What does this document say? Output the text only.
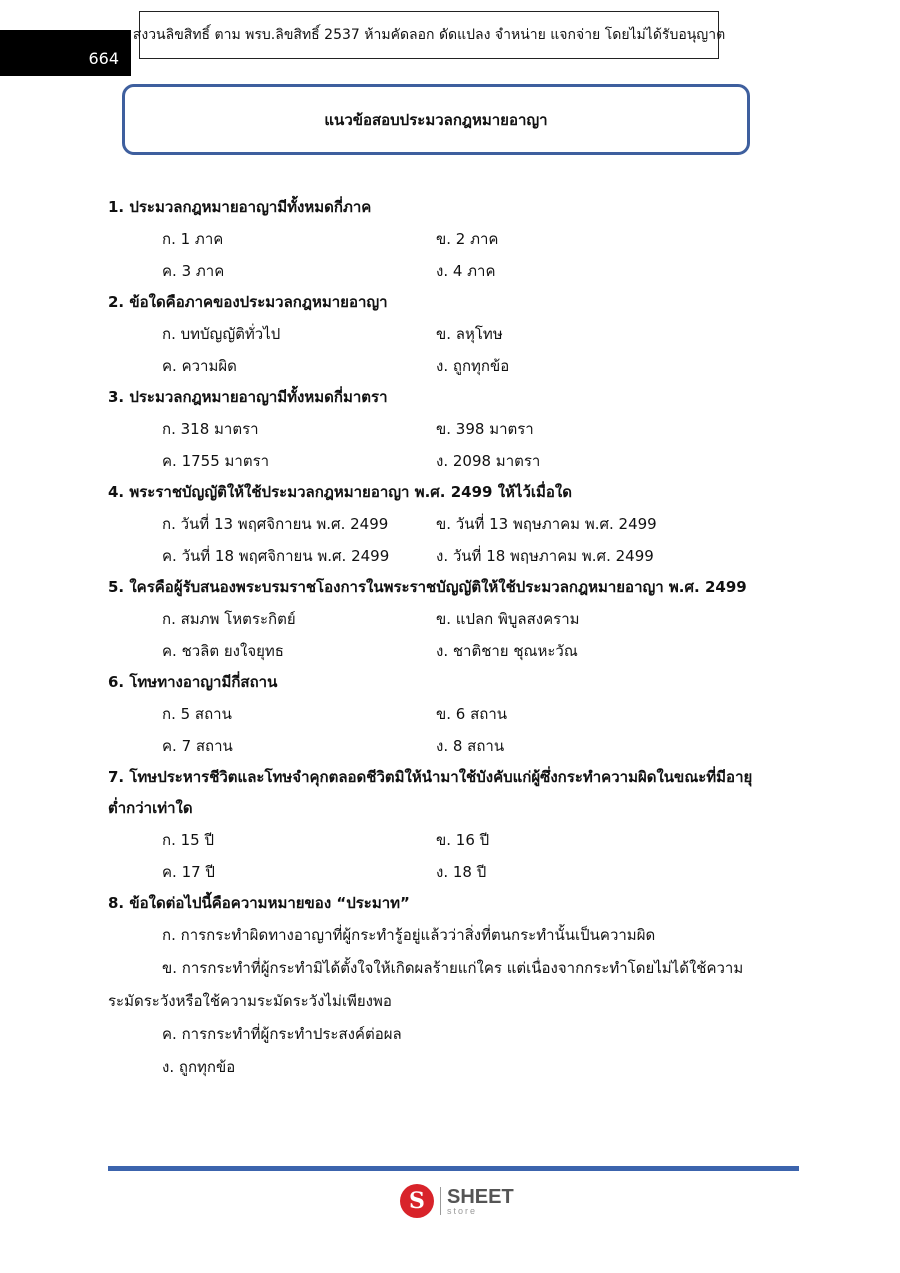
664
สงวนลิขสิทธิ์ ตาม พรบ.ลิขสิทธิ์ 2537 ห้ามคัดลอก ดัดแปลง จำหน่าย แจกจ่าย โดยไม่ได้รับอนุญาต
แนวข้อสอบประมวลกฎหมายอาญา
1. ประมวลกฎหมายอาญามีทั้งหมดกี่ภาค
ก. 1 ภาค	ข. 2 ภาค
ค. 3 ภาค	ง. 4 ภาค
2. ข้อใดคือภาคของประมวลกฎหมายอาญา
ก. บทบัญญัติทั่วไป	ข. ลหุโทษ
ค. ความผิด	ง. ถูกทุกข้อ
3. ประมวลกฎหมายอาญามีทั้งหมดกี่มาตรา
ก. 318 มาตรา	ข. 398 มาตรา
ค. 1755 มาตรา	ง. 2098 มาตรา
4. พระราชบัญญัติให้ใช้ประมวลกฎหมายอาญา พ.ศ. 2499 ให้ไว้เมื่อใด
ก. วันที่ 13 พฤศจิกายน พ.ศ. 2499	ข. วันที่ 13 พฤษภาคม พ.ศ. 2499
ค. วันที่ 18 พฤศจิกายน พ.ศ. 2499	ง. วันที่ 18 พฤษภาคม พ.ศ. 2499
5. ใครคือผู้รับสนองพระบรมราชโองการในพระราชบัญญัติให้ใช้ประมวลกฎหมายอาญา พ.ศ. 2499
ก. สมภพ โหตระกิตย์	ข. แปลก พิบูลสงคราม
ค. ชวลิต ยงใจยุทธ	ง. ชาติชาย ชุณหะวัณ
6. โทษทางอาญามีกี่สถาน
ก. 5 สถาน	ข. 6 สถาน
ค. 7 สถาน	ง. 8 สถาน
7. โทษประหารชีวิตและโทษจำคุกตลอดชีวิตมิให้นำมาใช้บังคับแก่ผู้ซึ่งกระทำความผิดในขณะที่มีอายุ
ต่ำกว่าเท่าใด
ก. 15 ปี	ข. 16 ปี
ค. 17 ปี	ง. 18 ปี
8. ข้อใดต่อไปนี้คือความหมายของ “ประมาท”
ก. การกระทำผิดทางอาญาที่ผู้กระทำรู้อยู่แล้วว่าสิ่งที่ตนกระทำนั้นเป็นความผิด
ข. การกระทำที่ผู้กระทำมิได้ตั้งใจให้เกิดผลร้ายแก่ใคร แต่เนื่องจากกระทำโดยไม่ได้ใช้ความ
ระมัดระวังหรือใช้ความระมัดระวังไม่เพียงพอ
ค. การกระทำที่ผู้กระทำประสงค์ต่อผล
ง. ถูกทุกข้อ
S	SHEET
store
